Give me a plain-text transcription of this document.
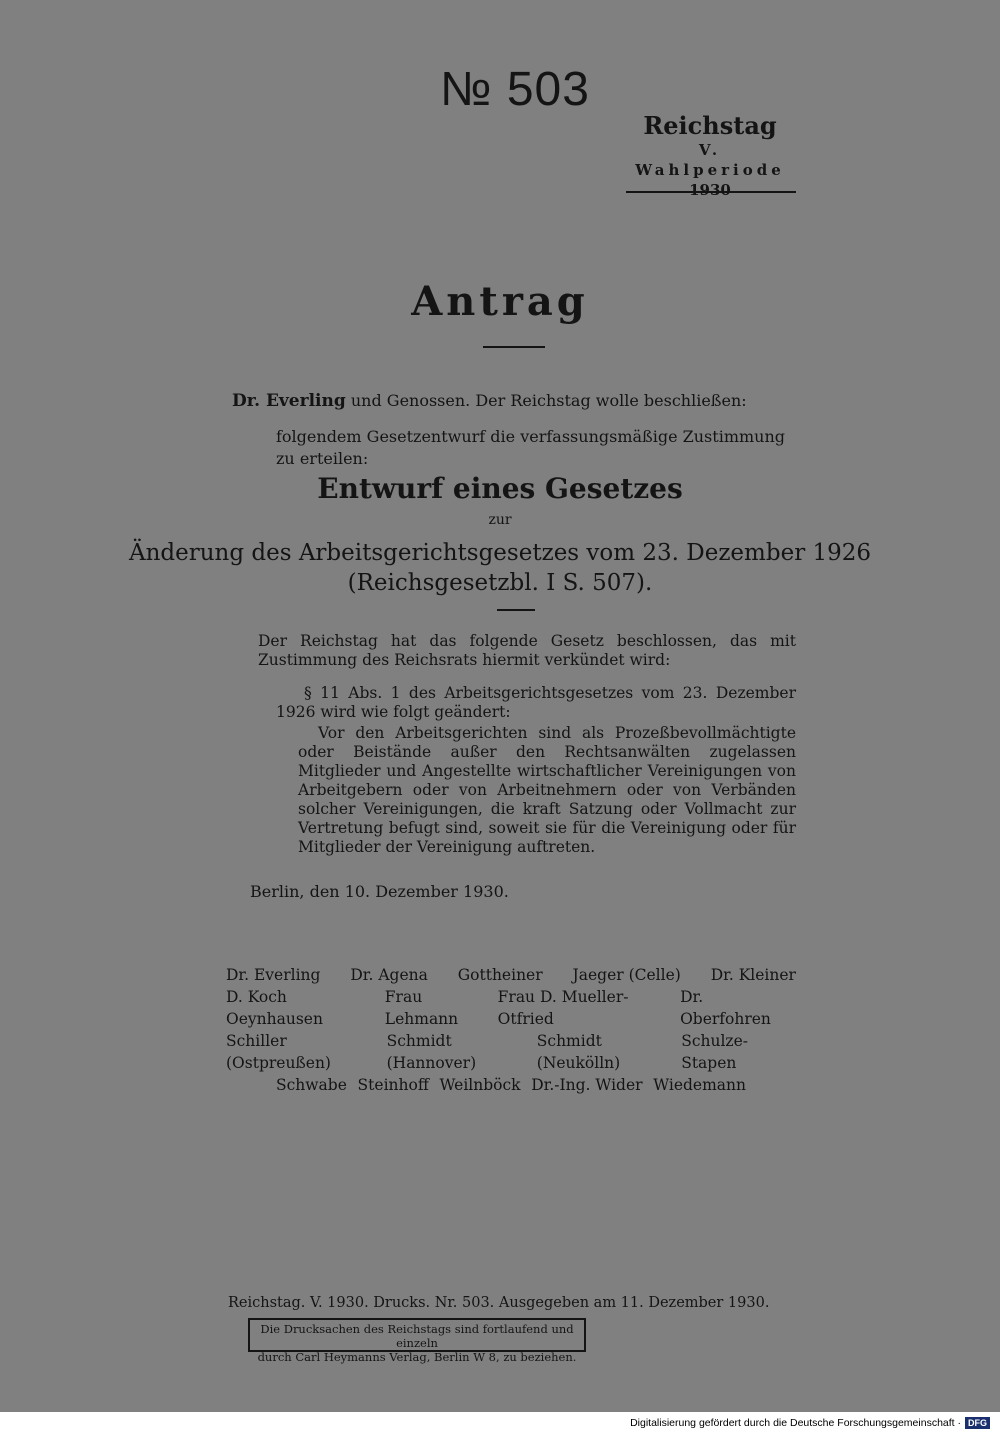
№ 503
Reichstag
V. Wahlperiode
1930
Antrag
Dr. Everling und Genossen. Der Reichstag wolle beschließen:
folgendem Gesetzentwurf die verfassungsmäßige Zustimmung zu erteilen:
Entwurf eines Gesetzes
zur
Änderung des Arbeitsgerichtsgesetzes vom 23. Dezember 1926
(Reichsgesetzbl. I S. 507).
Der Reichstag hat das folgende Gesetz beschlossen, das mit Zustimmung des Reichsrats hiermit verkündet wird:
§ 11 Abs. 1 des Arbeitsgerichtsgesetzes vom 23. Dezember 1926 wird wie folgt geändert:
Vor den Arbeitsgerichten sind als Prozeßbevollmächtigte oder Beistände außer den Rechtsanwälten zugelassen Mitglieder und Angestellte wirtschaftlicher Vereinigungen von Arbeitgebern oder von Arbeitnehmern oder von Verbänden solcher Vereinigungen, die kraft Satzung oder Vollmacht zur Vertretung befugt sind, soweit sie für die Vereinigung oder für Mitglieder der Vereinigung auftreten.
Berlin, den 10. Dezember 1930.
Dr. Everling Dr. Agena Gottheiner Jaeger (Celle) Dr. Kleiner
D. Koch Oeynhausen
Frau Lehmann
Frau D. Mueller-Otfried
Dr. Oberfohren
Schiller (Ostpreußen)
Schmidt (Hannover)
Schmidt (Neukölln)
Schulze-Stapen
Schwabe Steinhoff Weilnböck Dr.-Ing. Wider Wiedemann
Reichstag. V. 1930. Drucks. Nr. 503. Ausgegeben am 11. Dezember 1930.
Die Drucksachen des Reichstags sind fortlaufend und einzeln
durch Carl Heymanns Verlag, Berlin W 8, zu beziehen.
Digitalisierung gefördert durch die Deutsche Forschungsgemeinschaft · DFG
